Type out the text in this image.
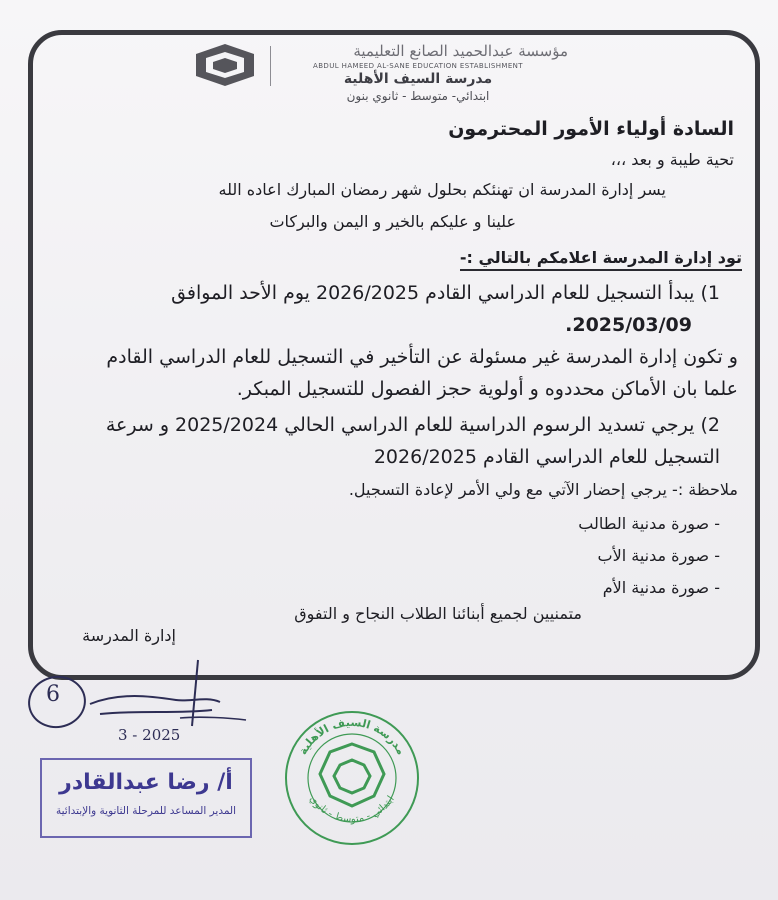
مؤسسة عبدالحميد الصانع التعليمية
ABDUL HAMEED AL-SANE EDUCATION ESTABLISHMENT
مدرسة السيف الأهلية
ابتدائي- متوسط - ثانوي بنون
السادة أولياء الأمور المحترمون
تحية طيبة و بعد ،،،
يسر إدارة المدرسة ان تهنئكم بحلول شهر رمضان المبارك اعاده الله
علينا و عليكم بالخير و اليمن والبركات
تود إدارة المدرسة اعلامكم بالتالي :-
1) يبدأ التسجيل للعام الدراسي القادم 2026/2025 يوم الأحد الموافق
2025/03/09.
و تكون إدارة المدرسة غير مسئولة عن التأخير في التسجيل للعام الدراسي القادم
علما بان الأماكن محددوه و أولوية حجز الفصول للتسجيل المبكر.
2) يرجي تسديد الرسوم الدراسية للعام الدراسي الحالي 2025/2024 و سرعة
التسجيل للعام الدراسي القادم 2026/2025
ملاحظة :- يرجي إحضار الآتي مع ولي الأمر لإعادة التسجيل.
- صورة مدنية الطالب
- صورة مدنية الأب
- صورة مدنية الأم
متمنيين لجميع أبنائنا الطلاب النجاح و التفوق
إدارة المدرسة
6
3 - 2025
أ/ رضا عبدالقادر
المدير المساعد للمرحلة الثانوية والإبتدائية
مدرسة السيف الأهلية
ابتدائي - متوسط - ثانوي
